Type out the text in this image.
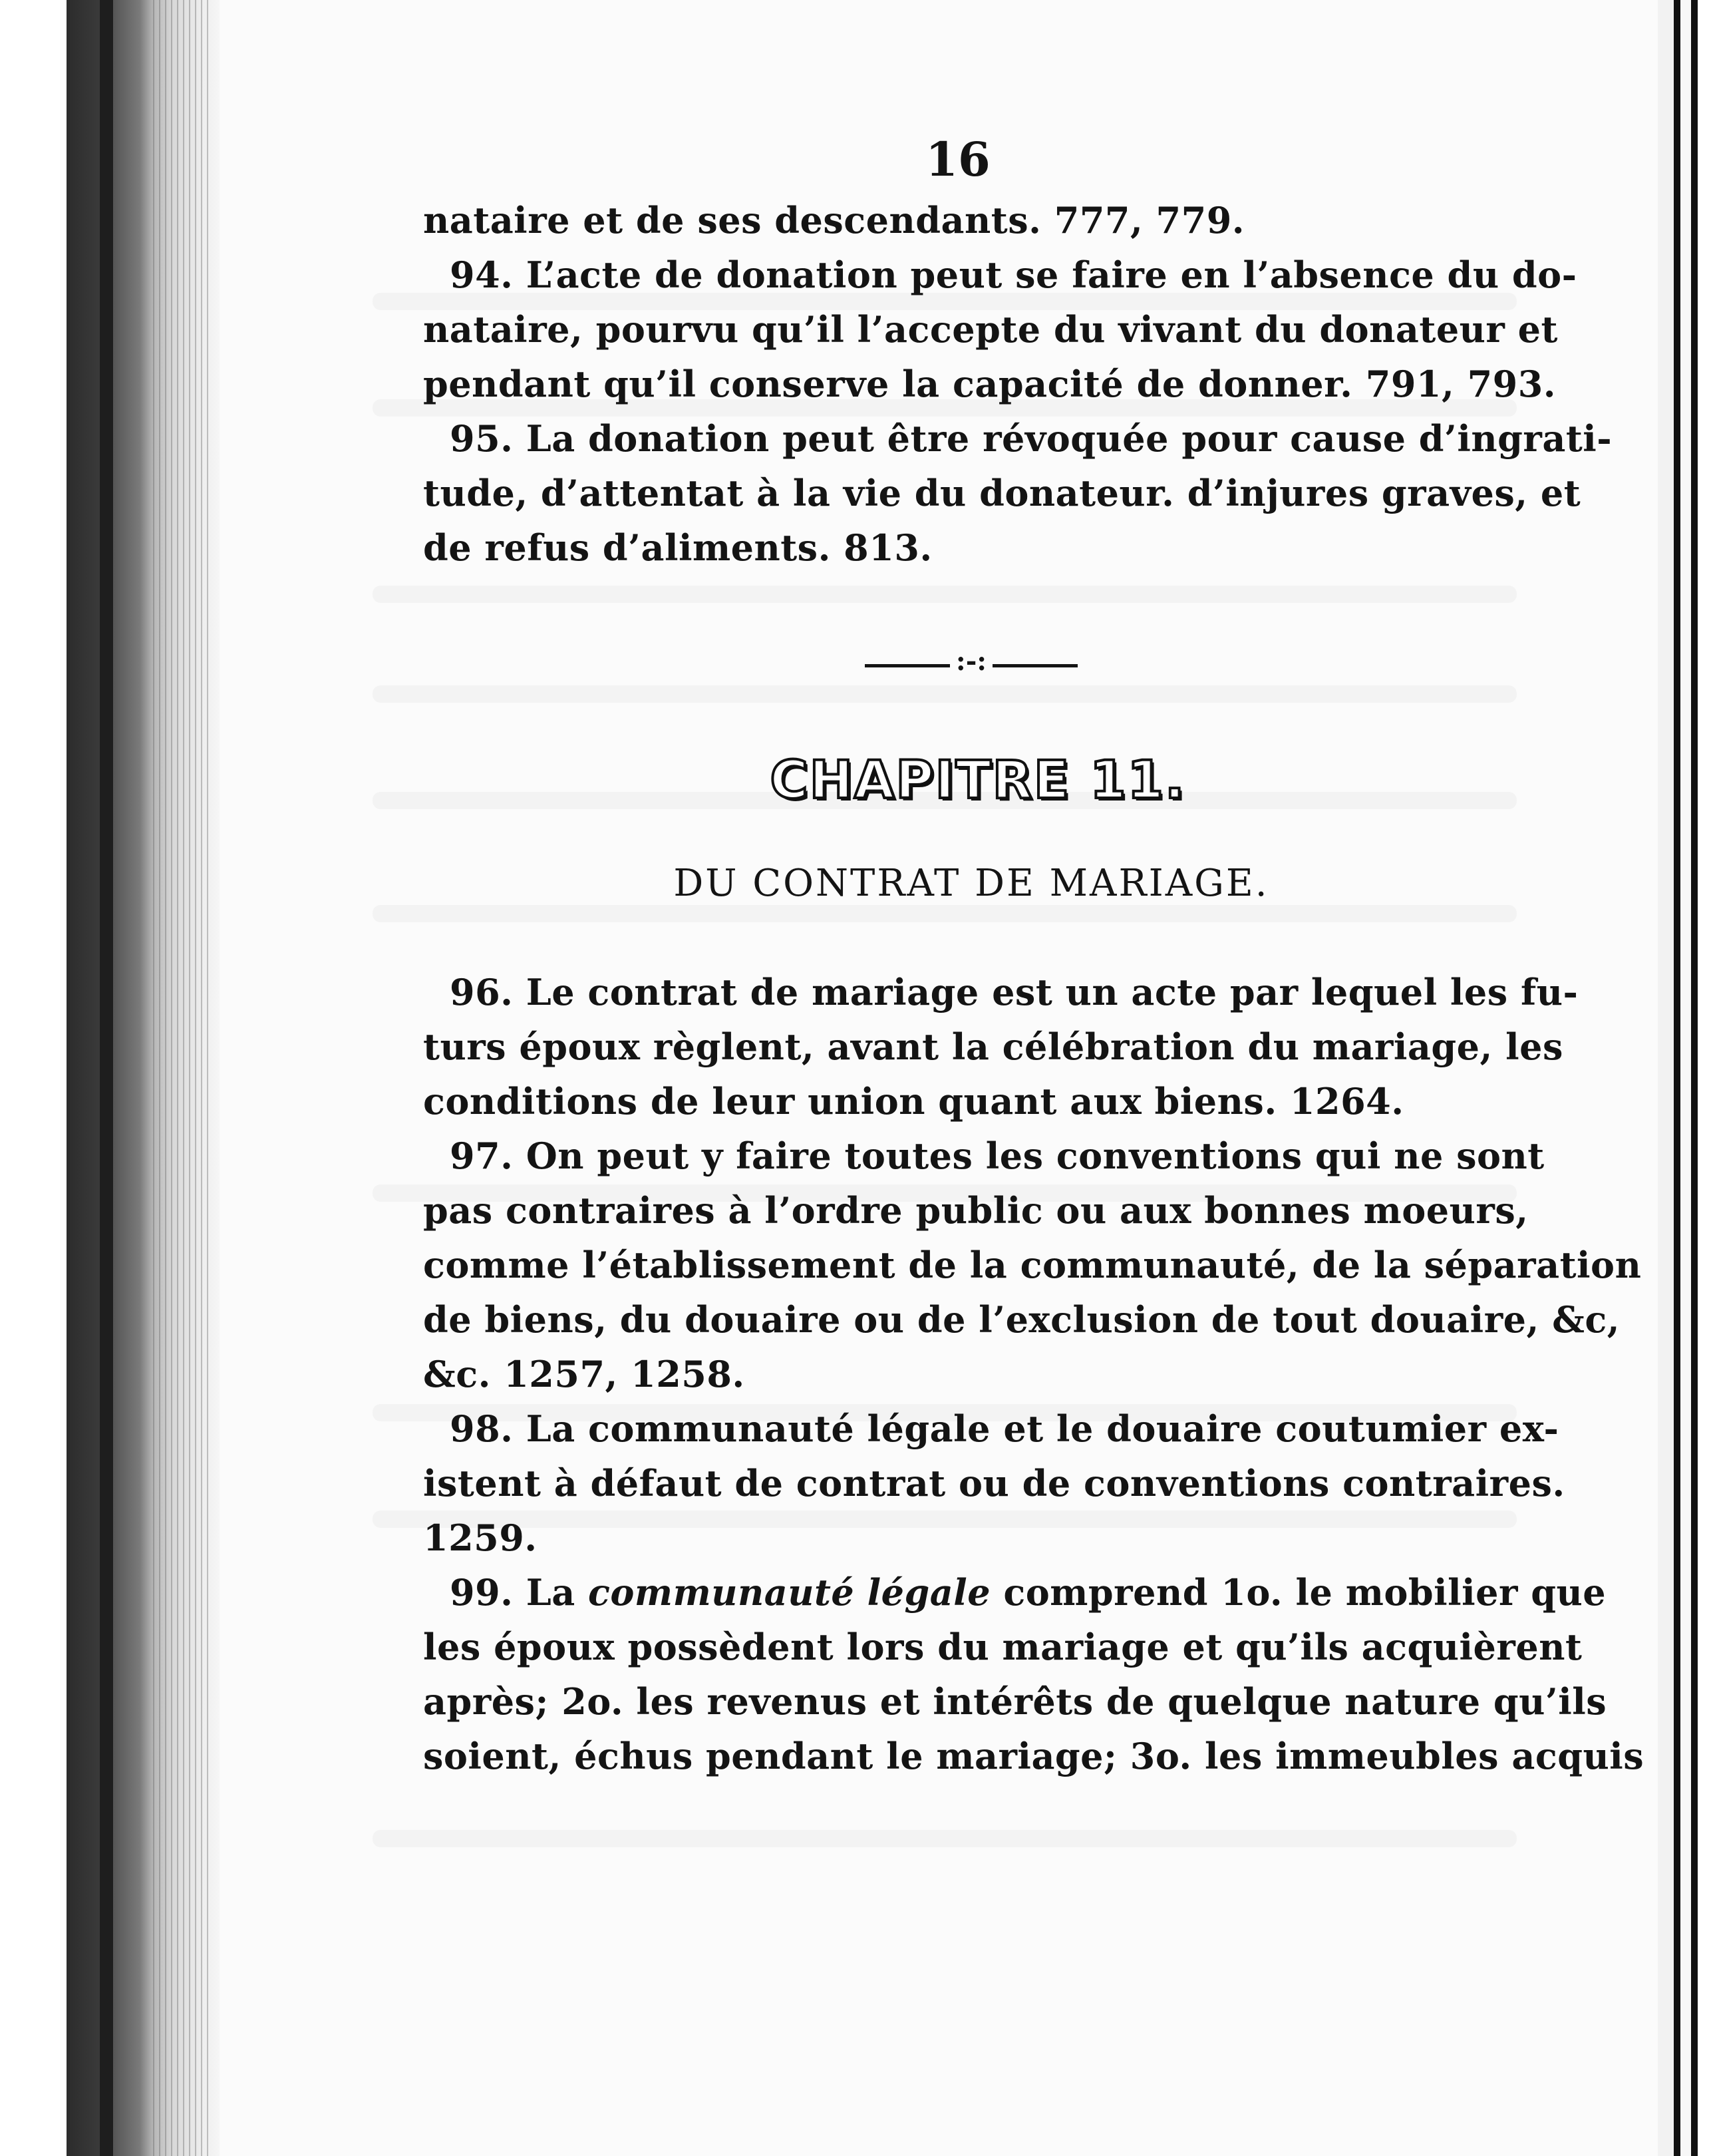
16
nataire et de ses descendants. 777, 779.
94. L’acte de donation peut se faire en l’absence du do-
nataire, pourvu qu’il l’accepte du vivant du donateur et
pendant qu’il conserve la capacité de donner. 791, 793.
95. La donation peut être révoquée pour cause d’ingrati-
tude, d’attentat à la vie du donateur. d’injures graves, et
de refus d’aliments. 813.
:-:
CHAPITRE 11.
DU CONTRAT DE MARIAGE.
96. Le contrat de mariage est un acte par lequel les fu-
turs époux règlent, avant la célébration du mariage, les
conditions de leur union quant aux biens. 1264.
97. On peut y faire toutes les conventions qui ne sont
pas contraires à l’ordre public ou aux bonnes moeurs,
comme l’établissement de la communauté, de la séparation
de biens, du douaire ou de l’exclusion de tout douaire, &c,
&c. 1257, 1258.
98. La communauté légale et le douaire coutumier ex-
istent à défaut de contrat ou de conventions contraires.
1259.
99. La communauté légale comprend 1o. le mobilier que
les époux possèdent lors du mariage et qu’ils acquièrent
après; 2o. les revenus et intérêts de quelque nature qu’ils
soient, échus pendant le mariage; 3o. les immeubles acquis
